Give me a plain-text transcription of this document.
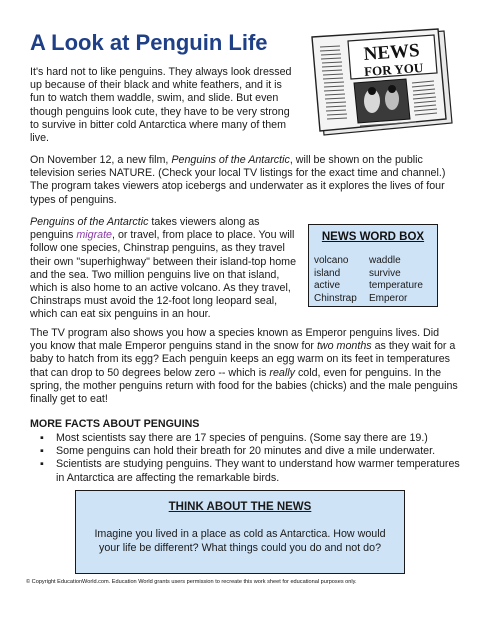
A Look at Penguin Life	NEWS
FOR YOU

It's hard not to like penguins. They always look dressed up because of their black and white feathers, and it is fun to watch them waddle, swim, and slide. But even though penguins look cute, they have to be very strong to survive in bitter cold Antarctica where many of them live.

On November 12, a new film, Penguins of the Antarctic, will be shown on the public television series NATURE. (Check your local TV listings for the exact time and channel.) The program takes viewers atop icebergs and underwater as it explores the lives of four types of penguins.

Penguins of the Antarctic takes viewers along as penguins migrate, or travel, from place to place. You will follow one species, Chinstrap penguins, as they travel their own "superhighway" between their island-top home and the sea. Two million penguins live on that island, which is also home to an active volcano. As they travel, Chinstraps must avoid the 12-foot long leopard seal, which can eat six penguins in an hour.

NEWS WORD BOX
volcano
island
active
Chinstrap
waddle
survive
temperature
Emperor

The TV program also shows you how a species known as Emperor penguins lives. Did you know that male Emperor penguins stand in the snow for two months as they wait for a baby to hatch from its egg? Each penguin keeps an egg warm on its feet in temperatures that can drop to 50 degrees below zero -- which is really cold, even for penguins. In the spring, the mother penguins return with food for the babies (chicks) and the male penguins finally get to eat!

MORE FACTS ABOUT PENGUINS
▪ Most scientists say there are 17 species of penguins. (Some say there are 19.)
▪ Some penguins can hold their breath for 20 minutes and dive a mile underwater.
▪ Scientists are studying penguins. They want to understand how warmer temperatures in Antarctica are affecting the remarkable birds.
THINK ABOUT THE NEWS
Imagine you lived in a place as cold as Antarctica. How would your life be different? What things could you do and not do?
© Copyright EducationWorld.com. Education World grants users permission to recreate this work sheet for educational purposes only.
